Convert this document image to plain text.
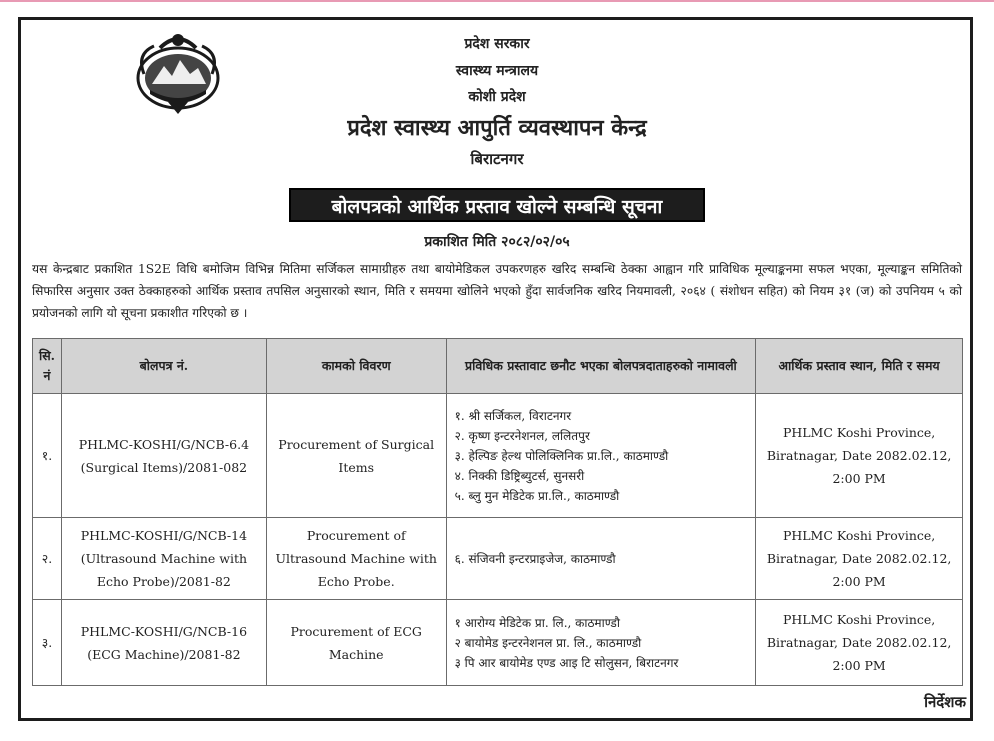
प्रदेश सरकार
स्वास्थ्य मन्त्रालय
कोशी प्रदेश
प्रदेश स्वास्थ्य आपुर्ति व्यवस्थापन केन्द्र
बिराटनगर
बोलपत्रको आर्थिक प्रस्ताव खोल्ने सम्बन्धि सूचना
प्रकाशित मिति २०८२/०२/०५
यस केन्द्रबाट प्रकाशित 1S2E विधि बमोजिम विभिन्न मितिमा सर्जिकल सामाग्रीहरु तथा बायोमेडिकल उपकरणहरु खरिद सम्बन्धि ठेक्का आह्वान गरि प्राविधिक मूल्याङ्कनमा सफल भएका, मूल्याङ्कन समितिको सिफारिस अनुसार उक्त ठेक्काहरुको आर्थिक प्रस्ताव तपसिल अनुसारको स्थान, मिति र समयमा खोलिने भएको हुँदा सार्वजनिक खरिद नियमावली, २०६४ ( संशोधन सहित) को नियम ३१ (ज) को उपनियम ५ को प्रयोजनको लागि यो सूचना प्रकाशीत गरिएको छ ।
सि. नं	बोलपत्र नं.	कामको विवरण	प्रविधिक प्रस्तावाट छनौट भएका बोलपत्रदाताहरुको नामावली	आर्थिक प्रस्ताव स्थान, मिति र समय
१.	PHLMC-KOSHI/G/NCB-6.4 (Surgical Items)/2081-082	Procurement of Surgical Items	१. श्री सर्जिकल, विराटनगर
२. कृष्ण इन्टरनेशनल, ललितपुर
३. हेल्पिङ हेल्थ पोलिक्लिनिक प्रा.लि., काठमाण्डौ
४. निक्की डिष्ट्रिब्युटर्स, सुनसरी
५. ब्लु मुन मेडिटेक प्रा.लि., काठमाण्डौ	PHLMC Koshi Province, Biratnagar, Date 2082.02.12, 2:00 PM
२.	PHLMC-KOSHI/G/NCB-14 (Ultrasound Machine with Echo Probe)/2081-82	Procurement of Ultrasound Machine with Echo Probe.	६. संजिवनी इन्टरप्राइजेज, काठमाण्डौ	PHLMC Koshi Province, Biratnagar, Date 2082.02.12, 2:00 PM
३.	PHLMC-KOSHI/G/NCB-16 (ECG Machine)/2081-82	Procurement of ECG Machine	१ आरोग्य मेडिटेक प्रा. लि., काठमाण्डौ
२ बायोमेड इन्टरनेशनल प्रा. लि., काठमाण्डौ
३ पि आर बायोमेड एण्ड आइ टि सोलुसन, बिराटनगर	PHLMC Koshi Province, Biratnagar, Date 2082.02.12, 2:00 PM
निर्देशक
